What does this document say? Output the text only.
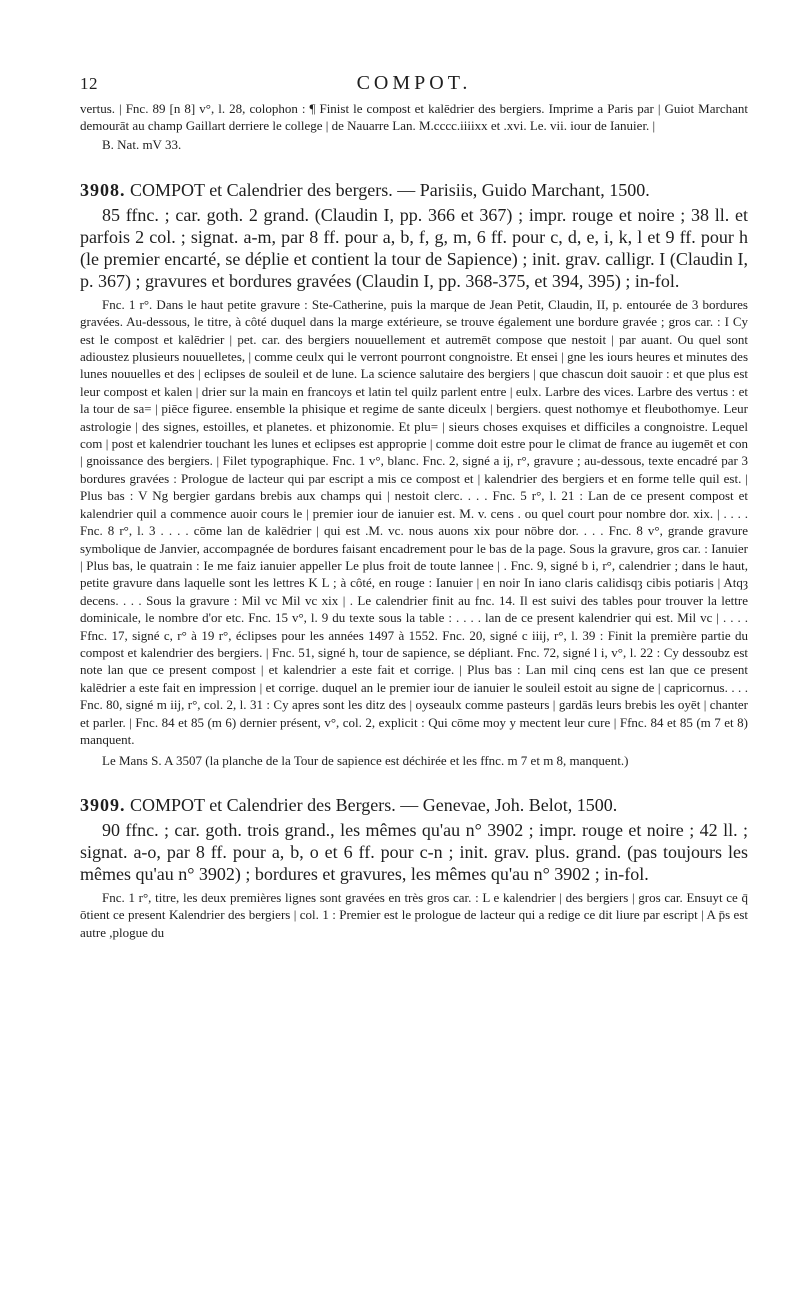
12	COMPOT.

vertus. | Fnc. 89 [n 8] v°, l. 28, colophon : ¶ Finist le compost et kalēdrier des bergiers. Imprime a Paris par | Guiot Marchant demourāt au champ Gaillart derriere le college | de Nauarre Lan. M.cccc.iiiixx et .xvi. Le. vii. iour de Ianuier. |

B. Nat. mV 33.

3908. COMPOT et Calendrier des bergers. — Parisiis, Guido Marchant, 1500.

85 ffnc. ; car. goth. 2 grand. (Claudin I, pp. 366 et 367) ; impr. rouge et noire ; 38 ll. et parfois 2 col. ; signat. a-m, par 8 ff. pour a, b, f, g, m, 6 ff. pour c, d, e, i, k, l et 9 ff. pour h (le premier encarté, se déplie et contient la tour de Sapience) ; init. grav. calligr. I (Claudin I, p. 367) ; gravures et bordures gravées (Claudin I, pp. 368-375, et 394, 395) ; in-fol.

Fnc. 1 r°. Dans le haut petite gravure : Ste-Catherine, puis la marque de Jean Petit, Claudin, II, p. entourée de 3 bordures gravées. Au-dessous, le titre, à côté duquel dans la marge extérieure, se trouve également une bordure gravée ; gros car. : I Cy est le compost et kalēdrier | pet. car. des bergiers nouuellement et autremēt compose que nestoit | par auant. Ou quel sont adioustez plusieurs nouuelletes, | comme ceulx qui le verront pourront congnoistre. Et ensei | gne les iours heures et minutes des lunes nouuelles et des | eclipses de souleil et de lune. La science salutaire des bergiers | que chascun doit sauoir : et que plus est leur compost et kalen | drier sur la main en francoys et latin tel quilz parlent entre | eulx. Larbre des vices. Larbre des vertus : et la tour de sa= | piēce figuree. ensemble la phisique et regime de sante diceulx | bergiers. quest nothomye et fleubothomye. Leur astrologie | des signes, estoilles, et planetes. et phizonomie. Et plu= | sieurs choses exquises et difficiles a congnoistre. Lequel com | post et kalendrier touchant les lunes et eclipses est approprie | comme doit estre pour le climat de france au iugemēt et con | gnoissance des bergiers. | Filet typographique. Fnc. 1 v°, blanc. Fnc. 2, signé a ij, r°, gravure ; au-dessous, texte encadré par 3 bordures gravées : Prologue de lacteur qui par escript a mis ce compost et | kalendrier des bergiers et en forme telle quil est. | Plus bas : V Ng bergier gardans brebis aux champs qui | nestoit clerc. . . . Fnc. 5 r°, l. 21 : Lan de ce present compost et kalendrier quil a commence auoir cours le | premier iour de ianuier est. M. v. cens . ou quel court pour nombre dor. xix. | . . . . Fnc. 8 r°, l. 3 . . . . cōme lan de kalēdrier | qui est .M. vc. nous auons xix pour nōbre dor. . . . Fnc. 8 v°, grande gravure symbolique de Janvier, accompagnée de bordures faisant encadrement pour le bas de la page. Sous la gravure, gros car. : Ianuier | Plus bas, le quatrain : Ie me faiz ianuier appeller Le plus froit de toute lannee | . Fnc. 9, signé b i, r°, calendrier ; dans le haut, petite gravure dans laquelle sont les lettres K L ; à côté, en rouge : Ianuier | en noir In iano claris calidisqȝ cibis potiaris | Atqȝ decens. . . . Sous la gravure : Mil vc Mil vc xix | . Le calendrier finit au fnc. 14. Il est suivi des tables pour trouver la lettre dominicale, le nombre d'or etc. Fnc. 15 v°, l. 9 du texte sous la table : . . . . lan de ce present kalendrier qui est. Mil vc | . . . . Ffnc. 17, signé c, r° à 19 r°, éclipses pour les années 1497 à 1552. Fnc. 20, signé c iiij, r°, l. 39 : Finit la première partie du compost et kalendrier des bergiers. | Fnc. 51, signé h, tour de sapience, se dépliant. Fnc. 72, signé l i, v°, l. 22 : Cy dessoubz est note lan que ce present compost | et kalendrier a este fait et corrige. | Plus bas : Lan mil cinq cens est lan que ce present kalēdrier a este fait en impression | et corrige. duquel an le premier iour de ianuier le souleil estoit au signe de | capricornus. . . . Fnc. 80, signé m iij, r°, col. 2, l. 31 : Cy apres sont les ditz des | oyseaulx comme pasteurs | gardās leurs brebis les oyēt | chanter et parler. | Fnc. 84 et 85 (m 6) dernier présent, v°, col. 2, explicit : Qui cōme moy y mectent leur cure | Ffnc. 84 et 85 (m 7 et 8) manquent.

Le Mans S. A 3507 (la planche de la Tour de sapience est déchirée et les ffnc. m 7 et m 8, manquent.)

3909. COMPOT et Calendrier des Bergers. — Genevae, Joh. Belot, 1500.

90 ffnc. ; car. goth. trois grand., les mêmes qu'au n° 3902 ; impr. rouge et noire ; 42 ll. ; signat. a-o, par 8 ff. pour a, b, o et 6 ff. pour c-n ; init. grav. plus. grand. (pas toujours les mêmes qu'au n° 3902) ; bordures et gravures, les mêmes qu'au n° 3902 ; in-fol.

Fnc. 1 r°, titre, les deux premières lignes sont gravées en très gros car. : L e kalendrier | des bergiers | gros car. Ensuyt ce q̄ ōtient ce present Kalendrier des bergiers | col. 1 : Premier est le prologue de lacteur qui a redige ce dit liure par escript | A p̄s est autre ,plogue du
